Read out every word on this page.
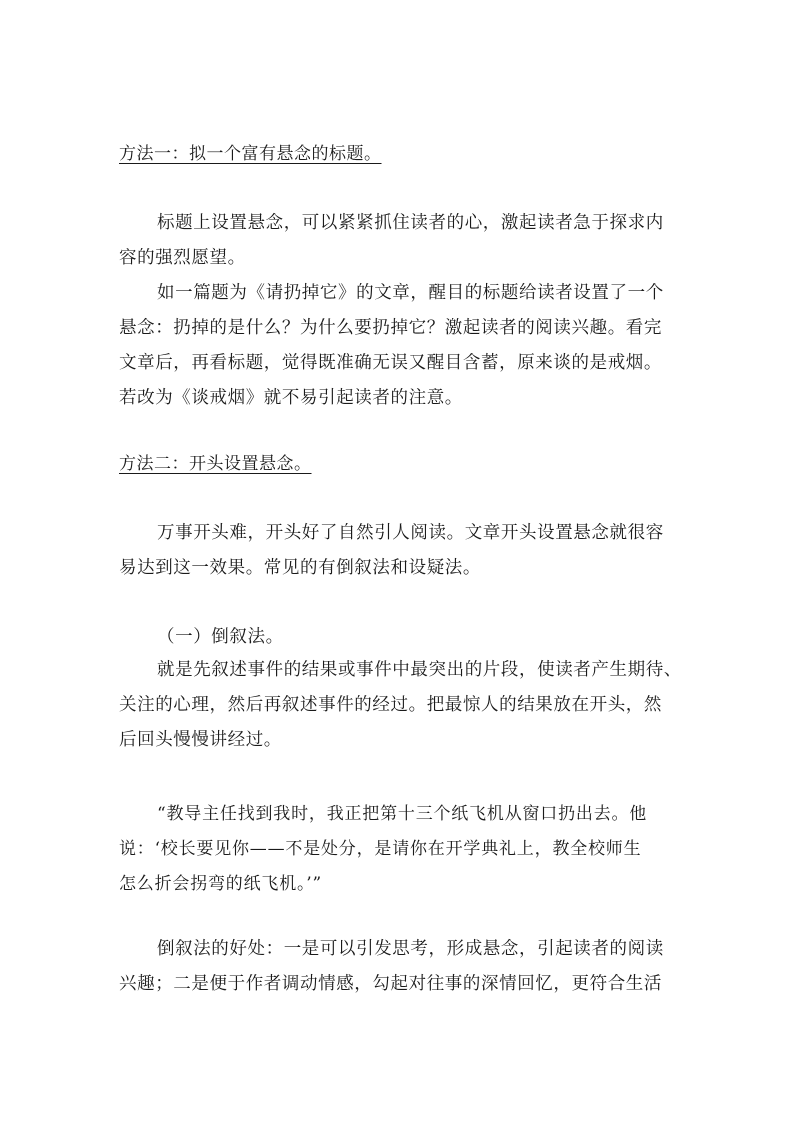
方法一：拟一个富有悬念的标题。
标题上设置悬念，可以紧紧抓住读者的心，激起读者急于探求内
容的强烈愿望。
如一篇题为《请扔掉它》的文章，醒目的标题给读者设置了一个
悬念：扔掉的是什么？为什么要扔掉它？激起读者的阅读兴趣。看完
文章后，再看标题，觉得既准确无误又醒目含蓄，原来谈的是戒烟。
若改为《谈戒烟》就不易引起读者的注意。
方法二：开头设置悬念。
万事开头难，开头好了自然引人阅读。文章开头设置悬念就很容
易达到这一效果。常见的有倒叙法和设疑法。
（一）倒叙法。
就是先叙述事件的结果或事件中最突出的片段，使读者产生期待、
关注的心理，然后再叙述事件的经过。把最惊人的结果放在开头，然
后回头慢慢讲经过。
“教导主任找到我时，我正把第十三个纸飞机从窗口扔出去。他
说：‘校长要见你——不是处分，是请你在开学典礼上，教全校师生
怎么折会拐弯的纸飞机。’”
倒叙法的好处：一是可以引发思考，形成悬念，引起读者的阅读
兴趣；二是便于作者调动情感，勾起对往事的深情回忆，更符合生活
